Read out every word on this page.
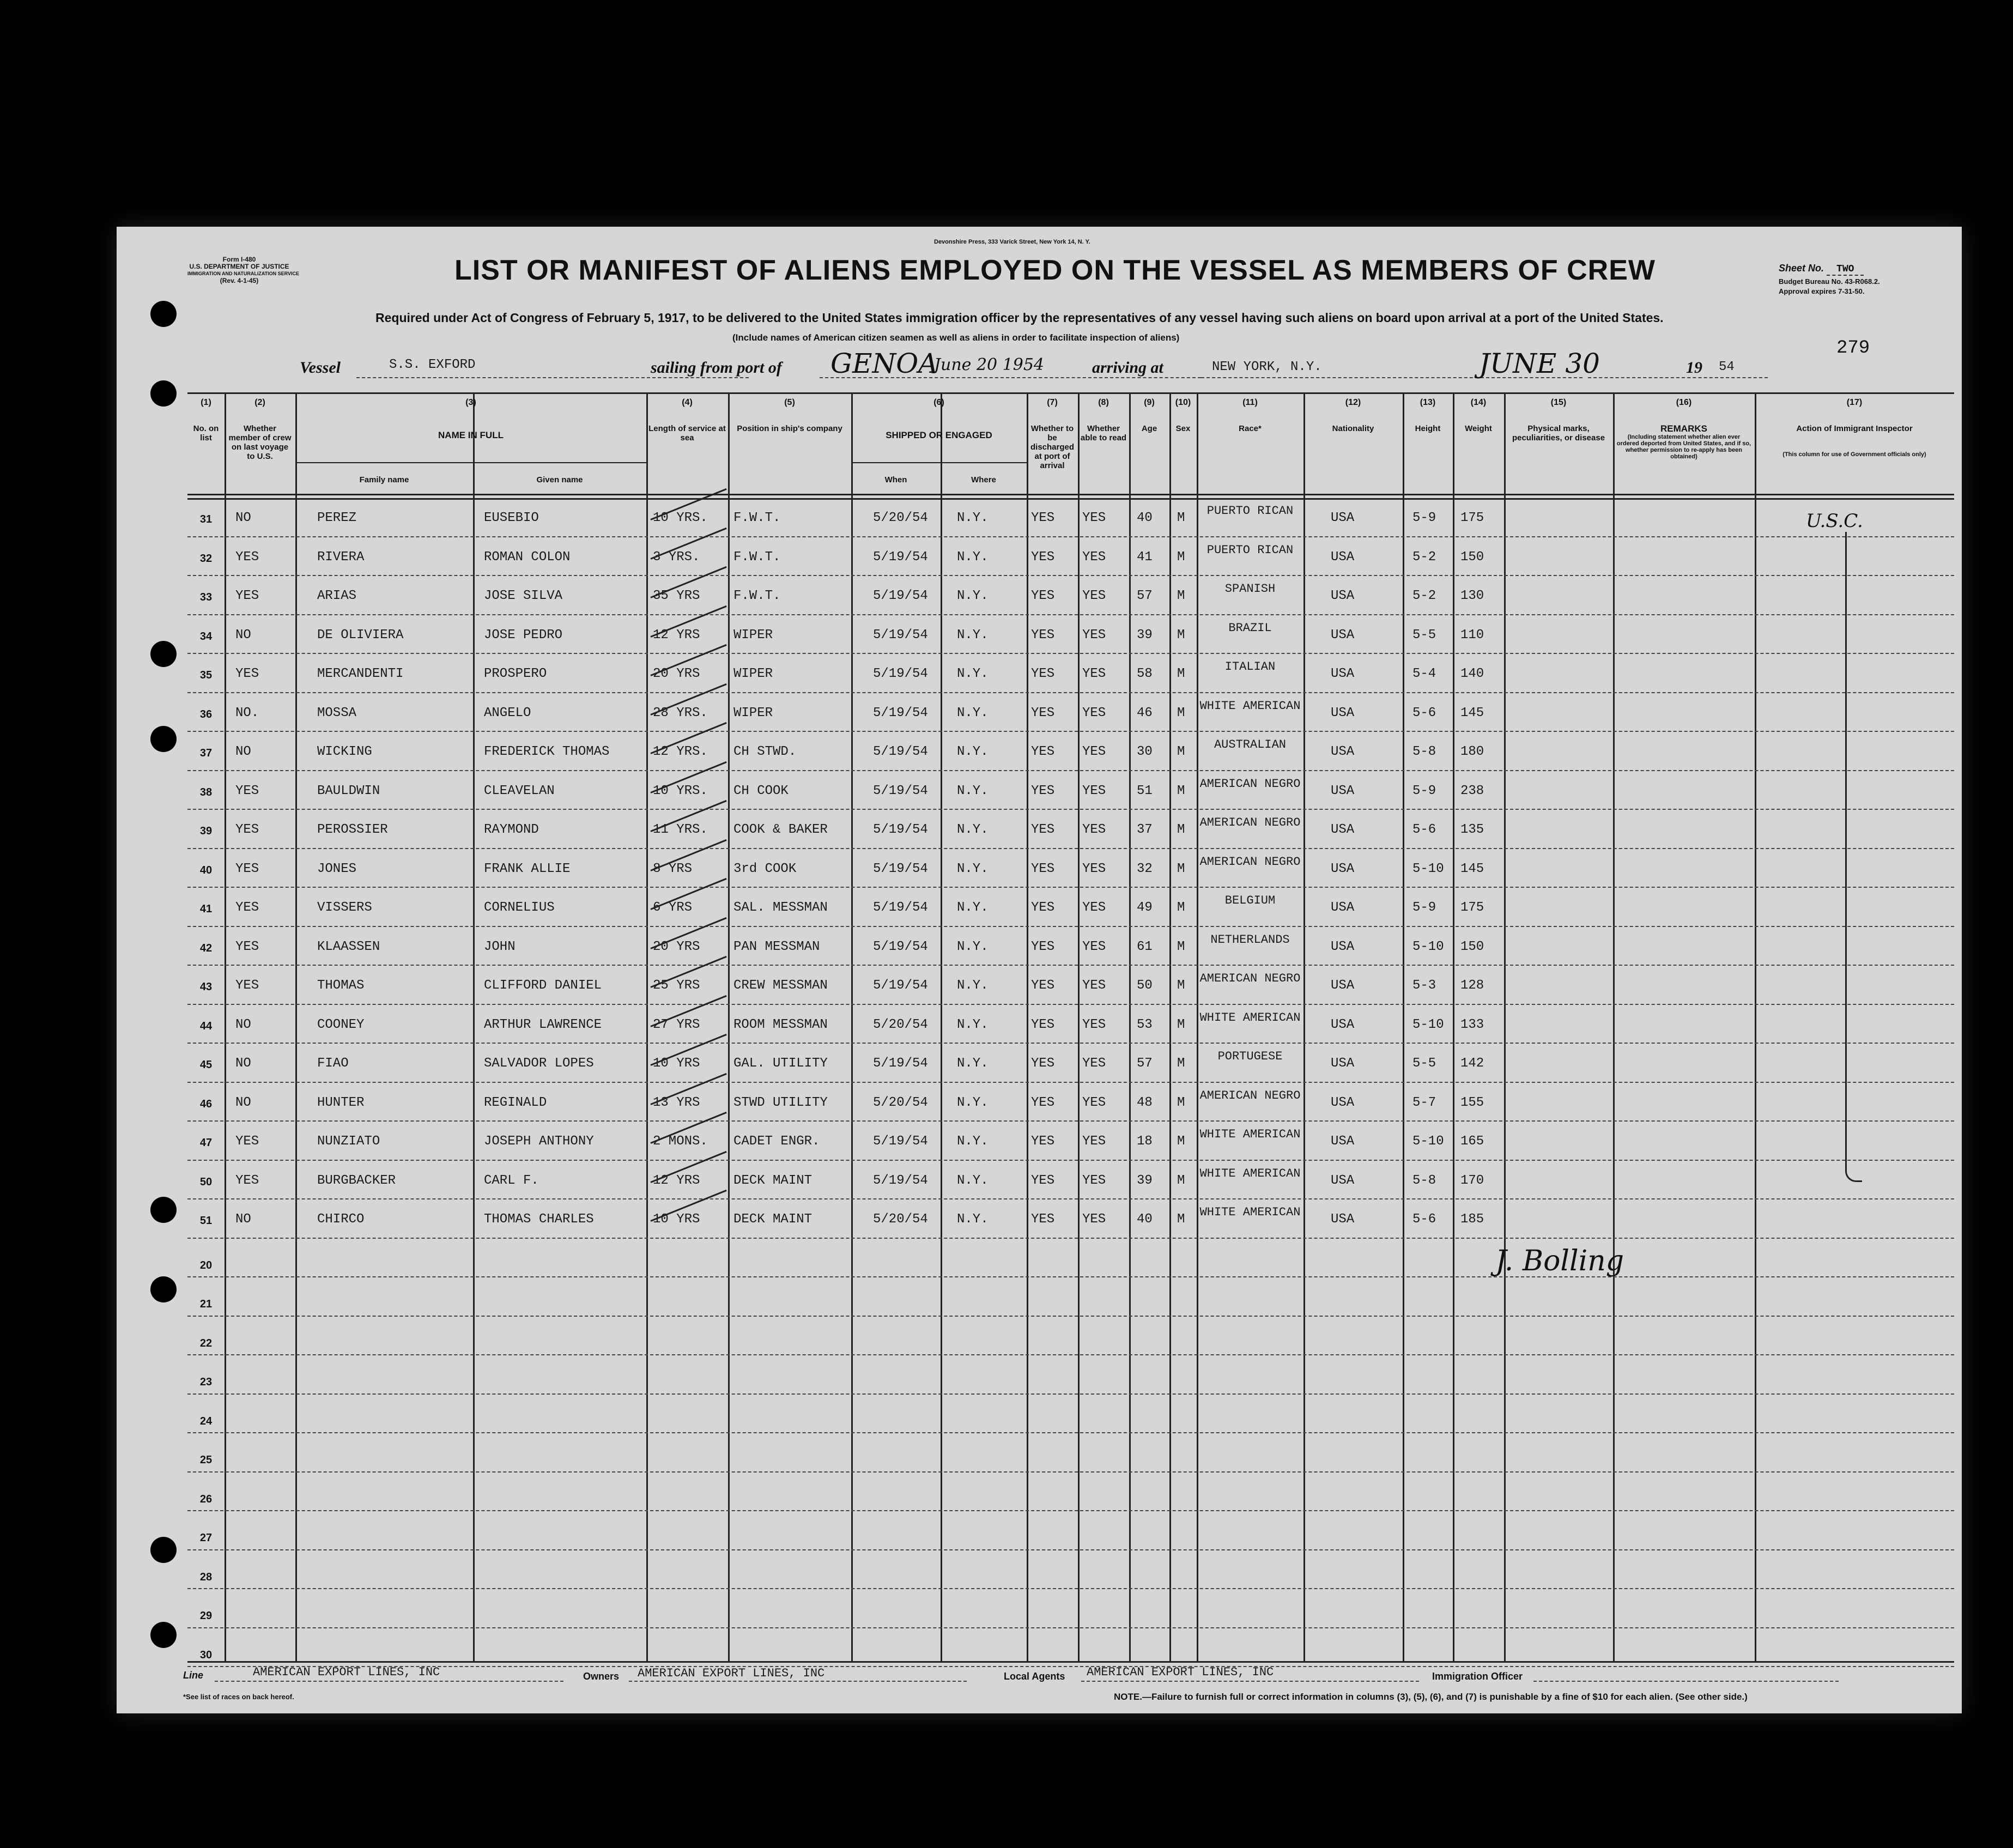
Form I-480
U.S. DEPARTMENT OF JUSTICE
IMMIGRATION AND NATURALIZATION SERVICE
(Rev. 4-1-45)
Devonshire Press, 333 Varick Street, New York 14, N. Y.
LIST OR MANIFEST OF ALIENS EMPLOYED ON THE VESSEL AS MEMBERS OF CREW
Required under Act of Congress of February 5, 1917, to be delivered to the United States immigration officer by the representatives of any vessel having such aliens on board upon arrival at a port of the United States.
(Include names of American citizen seamen as well as aliens in order to facilitate inspection of aliens)
Sheet No. TWO
Budget Bureau No. 43-R068.2.
Approval expires 7-31-50.
279
Vessel	S.S. EXFORD	sailing from port of GENOA
June 20 1954	arriving at	NEW YORK, N.Y.	JUNE 30	19 54
(1)
No. on list
(2)
Whether member of crew on last voyage to U.S.
(3)
NAME IN FULL
(4)
Length of service at sea
(5)
Position in ship's company
(6)
SHIPPED OR ENGAGED
(7)
Whether to be discharged at port of arrival
(8)
Whether able to read
(9)
Age
(10)
Sex
(11)
Race*
(12)
Nationality
(13)
Height
(14)
Weight
(15)
Physical marks, peculiarities, or disease
(16)
REMARKS
(17)
Action of Immigrant Inspector
Family name	Given name	When	Where
(Including statement whether alien ever ordered deported from United States, and if so, whether permission to re-apply has been obtained)	(This column for use of Government officials only)
31	NO	PEREZ	EUSEBIO	10 YRS.	F.W.T.	5/20/54	N.Y.	YES	YES	40	M	PUERTO RICAN	USA	5-9	175
32	YES	RIVERA	ROMAN COLON	3 YRS.	F.W.T.	5/19/54	N.Y.	YES	YES	41	M	PUERTO RICAN	USA	5-2	150
33	YES	ARIAS	JOSE SILVA	35 YRS	F.W.T.	5/19/54	N.Y.	YES	YES	57	M	SPANISH	USA	5-2	130
34	NO	DE OLIVIERA	JOSE PEDRO	12 YRS	WIPER	5/19/54	N.Y.	YES	YES	39	M	BRAZIL	USA	5-5	110
35	YES	MERCANDENTI	PROSPERO	20 YRS	WIPER	5/19/54	N.Y.	YES	YES	58	M	ITALIAN	USA	5-4	140
36	NO.	MOSSA	ANGELO	28 YRS.	WIPER	5/19/54	N.Y.	YES	YES	46	M	WHITE AMERICAN USA	5-6	145
37	NO	WICKING	FREDERICK THOMAS	12 YRS.	CH STWD.	5/19/54	N.Y.	YES	YES	30	M	AUSTRALIAN	USA	5-8	180
38	YES	BAULDWIN	CLEAVELAN	10 YRS.	CH COOK	5/19/54	N.Y.	YES	YES	51	M	AMERICAN NEGRO USA	5-9	238
39	YES	PEROSSIER	RAYMOND	11 YRS.	COOK & BAKER	5/19/54	N.Y.	YES	YES	37	M	AMERICAN NEGRO USA	5-6	135
40	YES	JONES	FRANK ALLIE	8 YRS	3rd COOK	5/19/54	N.Y.	YES	YES	32	M	AMERICAN NEGRO USA	5-10	145
41	YES	VISSERS	CORNELIUS	6 YRS	SAL. MESSMAN	5/19/54	N.Y.	YES	YES	49	M	BELGIUM	USA	5-9	175
42	YES	KLAASSEN	JOHN	20 YRS	PAN MESSMAN	5/19/54	N.Y.	YES	YES	61	M	NETHERLANDS	USA	5-10	150
43	YES	THOMAS	CLIFFORD DANIEL	25 YRS	CREW MESSMAN	5/19/54	N.Y.	YES	YES	50	M	AMERICAN NEGRO USA	5-3	128
44	NO	COONEY	ARTHUR LAWRENCE	27 YRS	ROOM MESSMAN	5/20/54	N.Y.	YES	YES	53	M	WHITE AMERICAN USA	5-10	133
45	NO	FIAO	SALVADOR LOPES	10 YRS	GAL. UTILITY	5/19/54	N.Y.	YES	YES	57	M	PORTUGESE	USA	5-5	142
46	NO	HUNTER	REGINALD	13 YRS	STWD UTILITY	5/20/54	N.Y.	YES	YES	48	M	AMERICAN NEGRO USA	5-7	155
47	YES	NUNZIATO	JOSEPH ANTHONY	2 MONS.	CADET ENGR.	5/19/54	N.Y.	YES	YES	18	M	WHITE AMERICAN USA	5-10	165
50	YES	BURGBACKER	CARL F.	12 YRS	DECK MAINT	5/19/54	N.Y.	YES	YES	39	M	WHITE AMERICAN USA	5-8	170
51	NO	CHIRCO	THOMAS CHARLES	10 YRS	DECK MAINT	5/20/54	N.Y.	YES	YES	40	M	WHITE AMERICAN USA	5-6	185
20
21
22
23
24
25
26
27
28
29
30
U.S.C.
J. Bolling
Line	AMERICAN EXPORT LINES, INC	Owners AMERICAN EXPORT LINES, INC	Local Agents AMERICAN EXPORT LINES, INC	Immigration Officer
*See list of races on back hereof.	NOTE.—Failure to furnish full or correct information in columns (3), (5), (6), and (7) is punishable by a fine of $10 for each alien. (See other side.)
